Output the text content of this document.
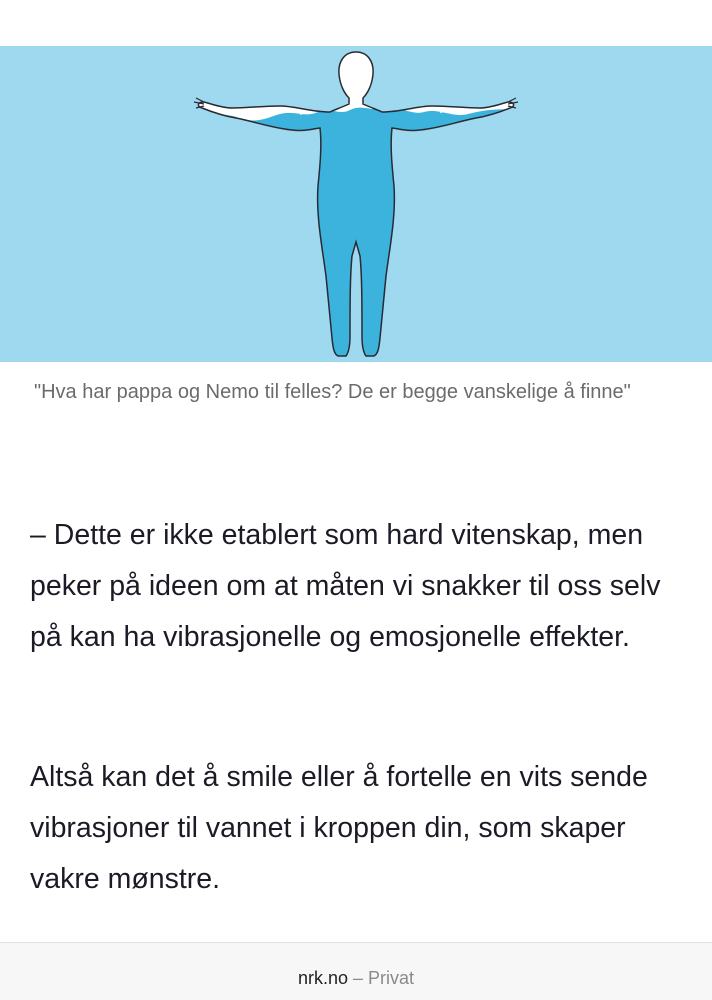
"Hva har pappa og Nemo til felles? De er begge vanskelige å finne"

– Dette er ikke etablert som hard vitenskap, men peker på ideen om at måten vi snakker til oss selv på kan ha vibrasjonelle og emosjonelle effekter.

Altså kan det å smile eller å fortelle en vits sende vibrasjoner til vannet i kroppen din, som skaper vakre mønstre.

nrk.no – Privat
